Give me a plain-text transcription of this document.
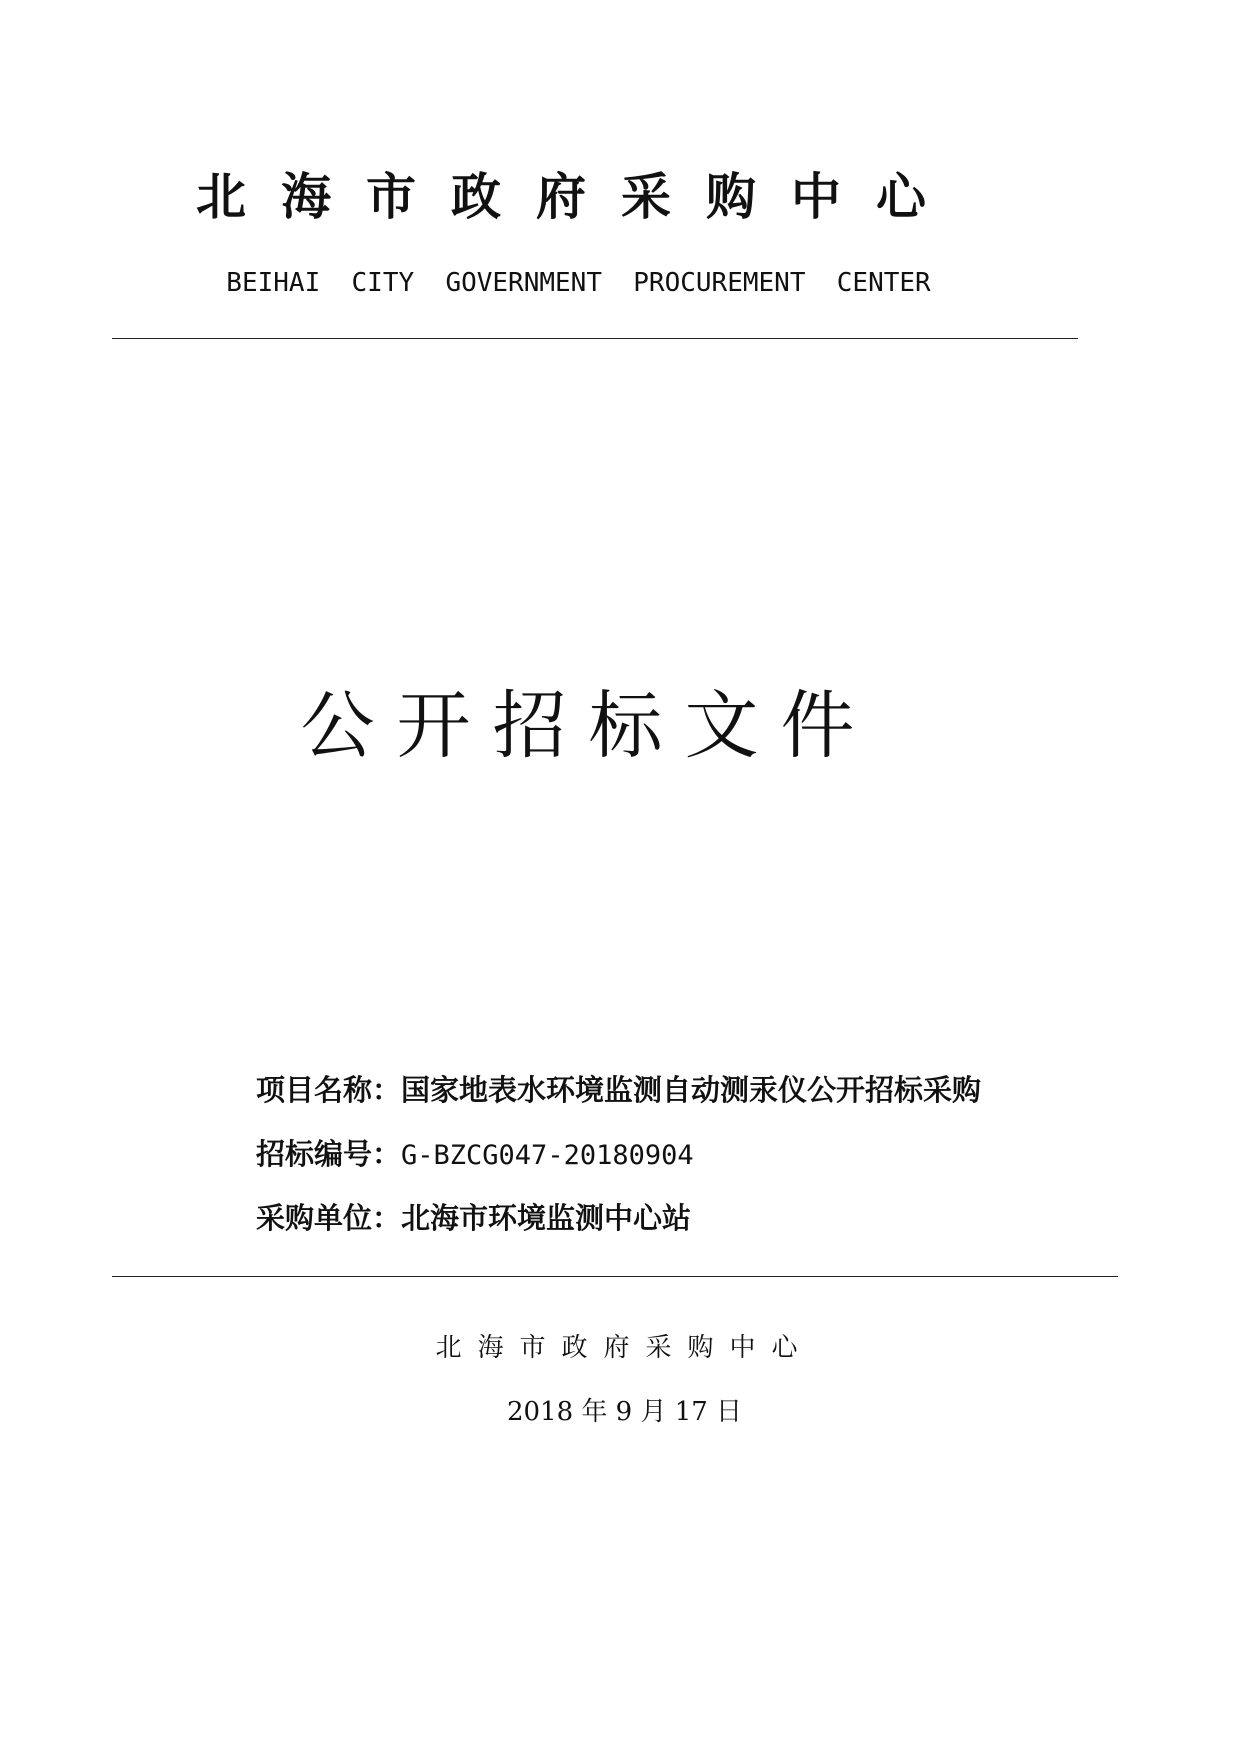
北海市政府采购中心
BEIHAI  CITY  GOVERNMENT  PROCUREMENT  CENTER
公开招标文件
项目名称：国家地表水环境监测自动测汞仪公开招标采购
招标编号：G-BZCG047-20180904
采购单位：北海市环境监测中心站
北海市政府采购中心
2018 年 9 月 17 日
